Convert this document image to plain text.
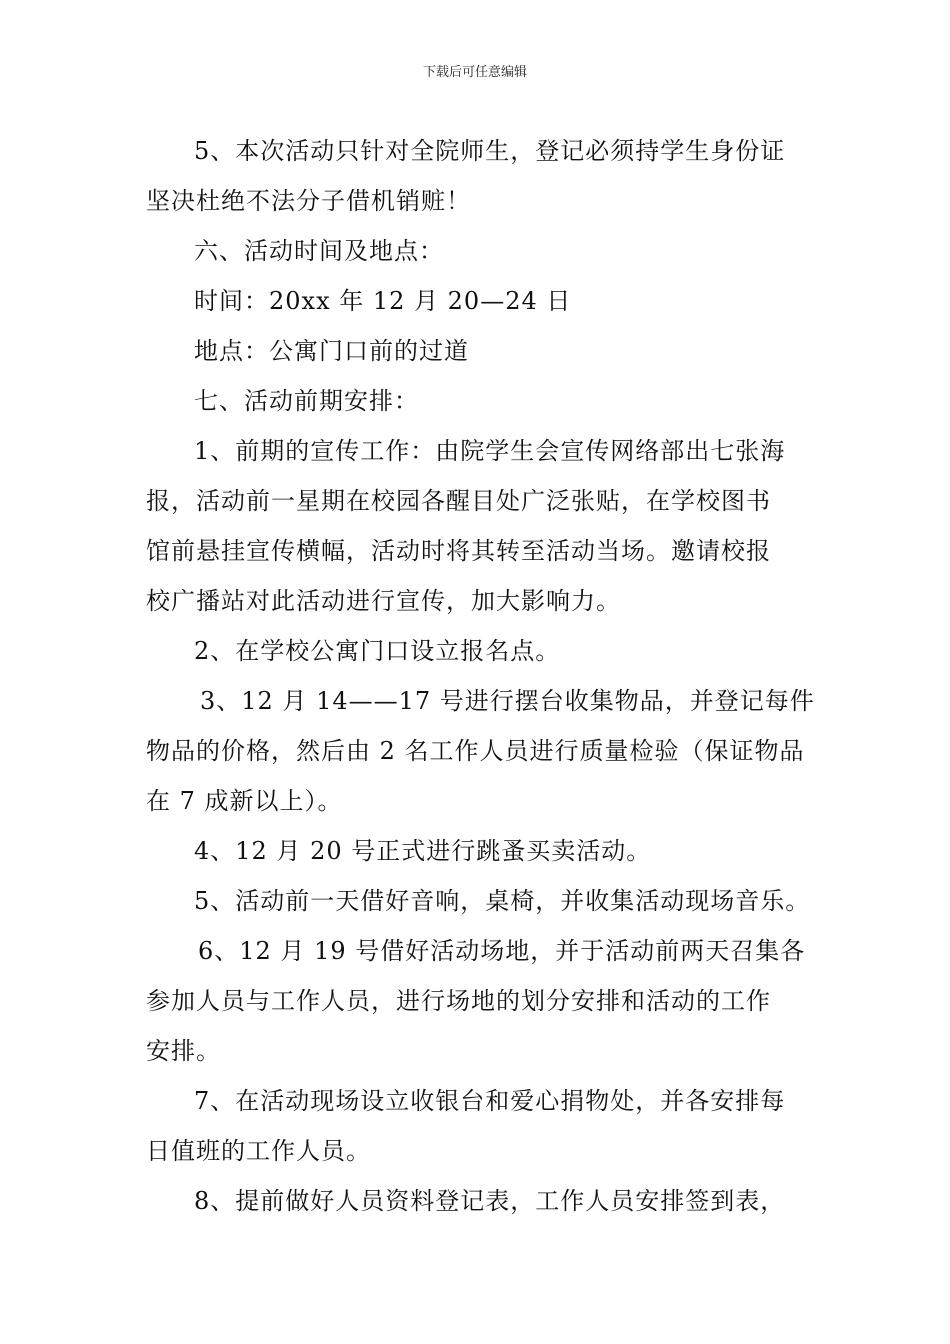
下载后可任意编辑
5、本次活动只针对全院师生，登记必须持学生身份证
坚决杜绝不法分子借机销赃！
六、活动时间及地点：
时间：20xx 年 12 月 20—24 日
地点：公寓门口前的过道
七、活动前期安排：
1、前期的宣传工作：由院学生会宣传网络部出七张海
报，活动前一星期在校园各醒目处广泛张贴，在学校图书
馆前悬挂宣传横幅，活动时将其转至活动当场。邀请校报
校广播站对此活动进行宣传，加大影响力。
2、在学校公寓门口设立报名点。
3、12 月 14——17 号进行摆台收集物品，并登记每件
物品的价格，然后由 2 名工作人员进行质量检验（保证物品
在 7 成新以上）。
4、12 月 20 号正式进行跳蚤买卖活动。
5、活动前一天借好音响，桌椅，并收集活动现场音乐。
6、12 月 19 号借好活动场地，并于活动前两天召集各
参加人员与工作人员，进行场地的划分安排和活动的工作
安排。
7、在活动现场设立收银台和爱心捐物处，并各安排每
日值班的工作人员。
8、提前做好人员资料登记表，工作人员安排签到表，
